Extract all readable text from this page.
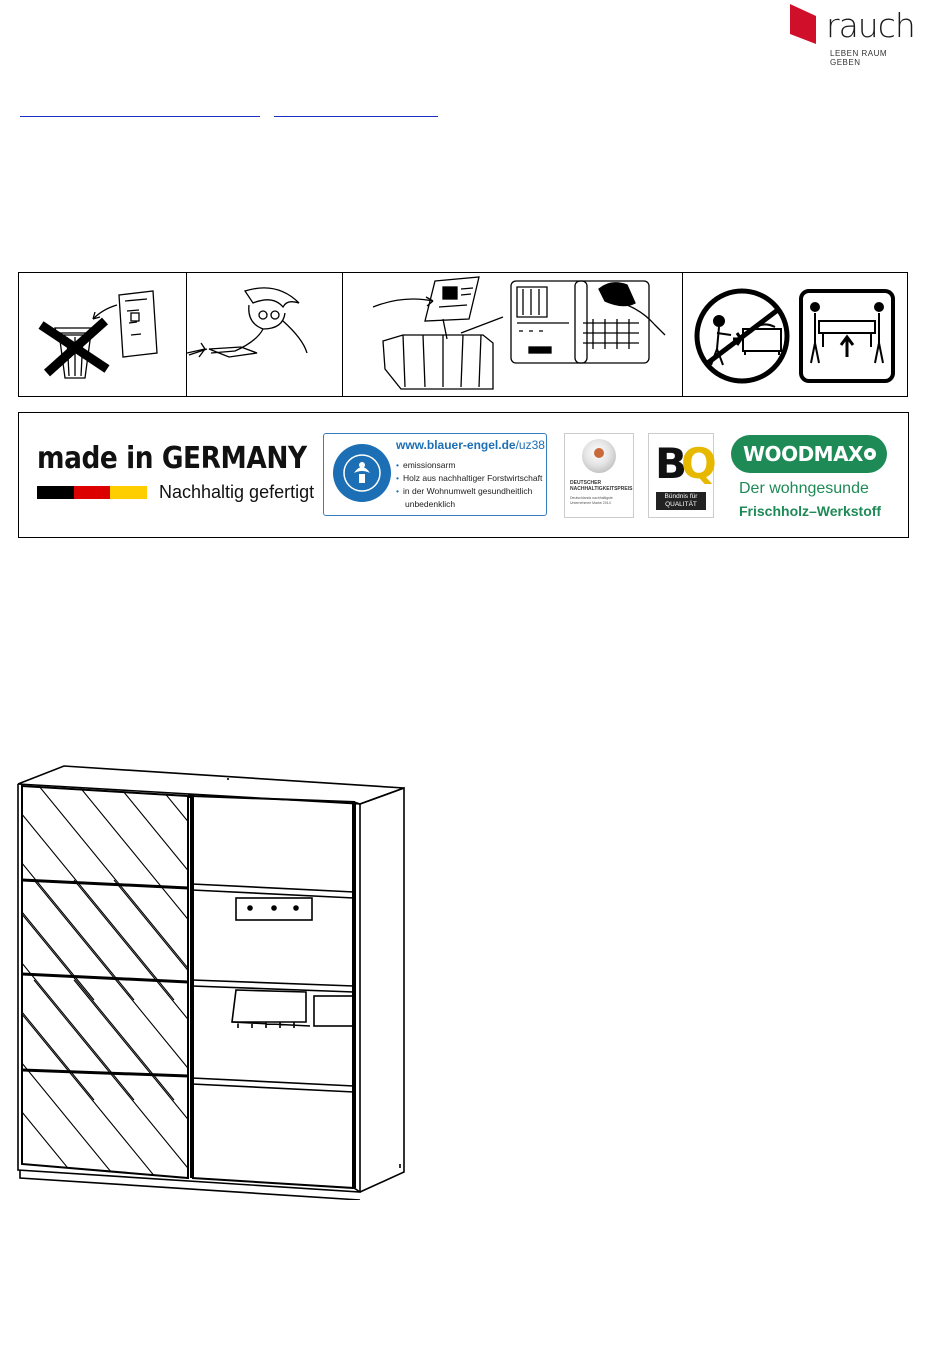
rauch
LEBEN RAUM GEBEN
made in GERMANY
Nachhaltig gefertigt
www.blauer-engel.de/uz38
• emissionsarm
• Holz aus nachhaltiger Forstwirtschaft
• in der Wohnumwelt gesundheitlich
unbedenklich
DEUTSCHER NACHHALTIGKEITSPREIS
Deutschlands nachhaltigste Unternehmen Marke 2014
BQ
Bündnis für QUALITÄT
WOODMAX
Der wohngesunde
Frischholz–Werkstoff
